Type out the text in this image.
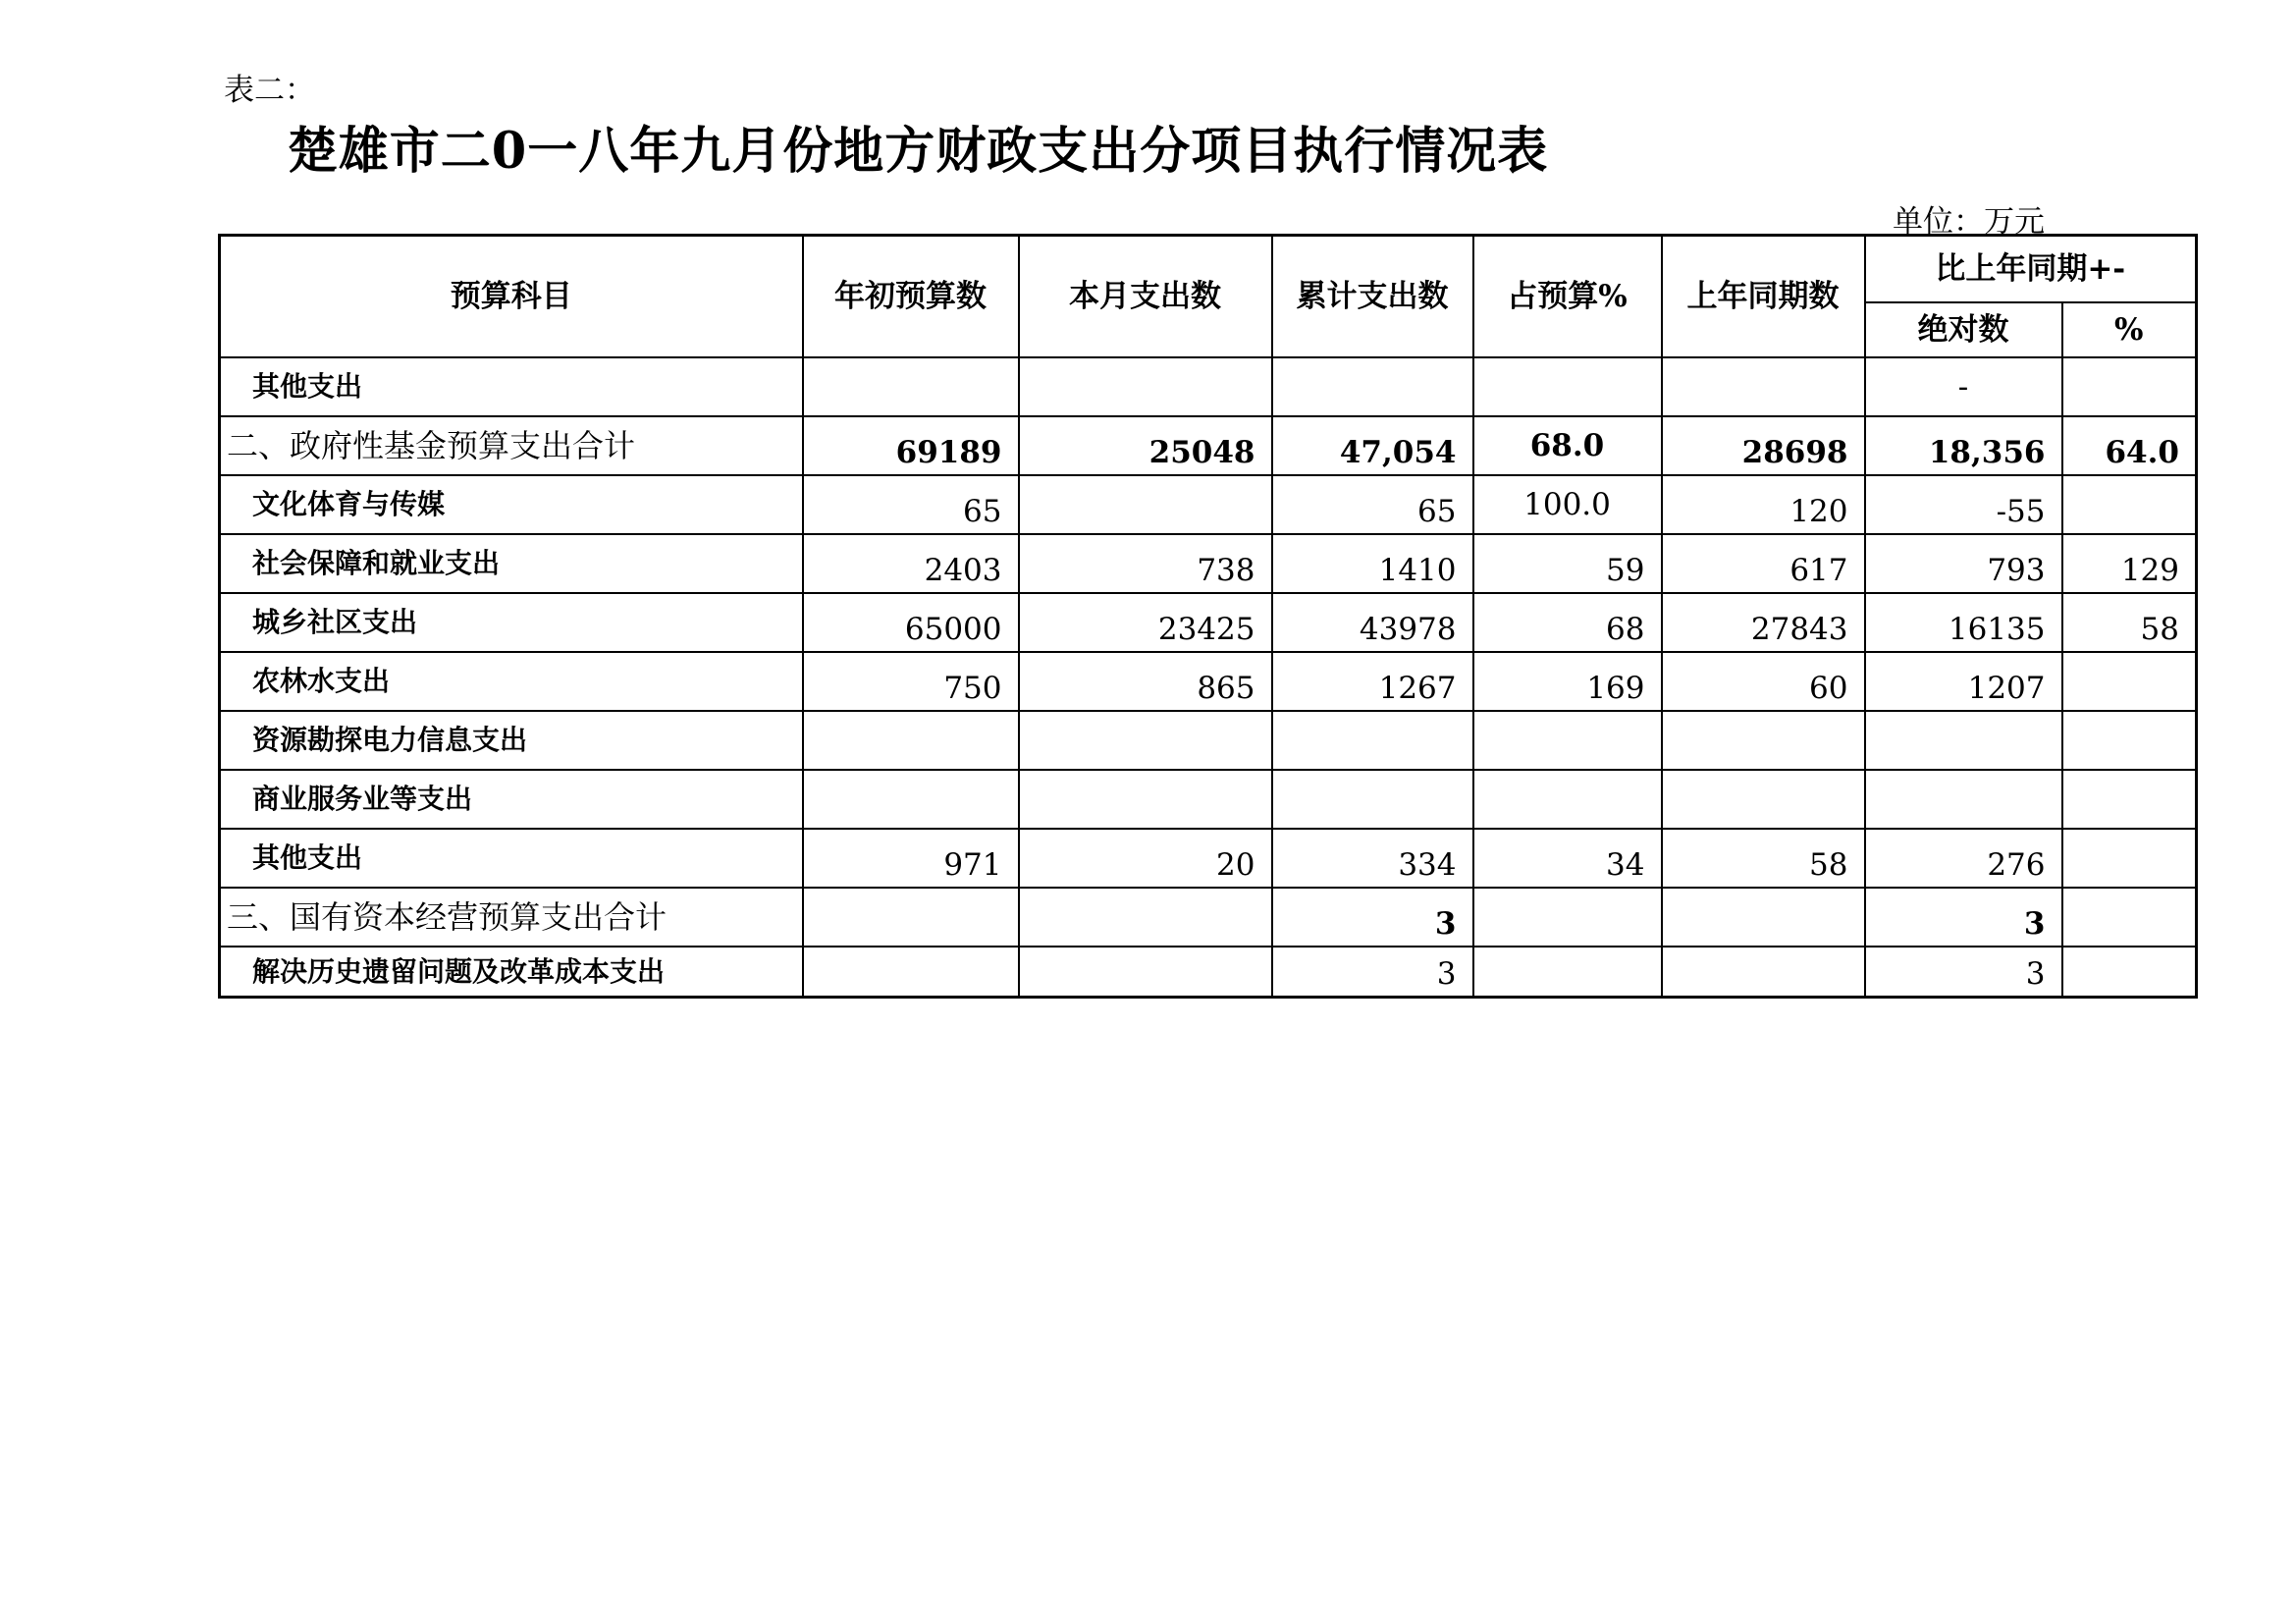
表二：
楚雄市二0一八年九月份地方财政支出分项目执行情况表
单位：万元
预算科目	年初预算数	本月支出数	累计支出数	占预算%	上年同期数	比上年同期+-	
						绝对数	%
其他支出						-	
二、政府性基金预算支出合计	69189	25048	47,054	68.0	28698	18,356	64.0
文化体育与传媒	65		65	100.0	120	-55	
社会保障和就业支出	2403	738	1410	59	617	793	129
城乡社区支出	65000	23425	43978	68	27843	16135	58
农林水支出	750	865	1267	169	60	1207	
资源勘探电力信息支出							
商业服务业等支出							
其他支出	971	20	334	34	58	276	
三、国有资本经营预算支出合计			3			3	
解决历史遗留问题及改革成本支出			3			3	
